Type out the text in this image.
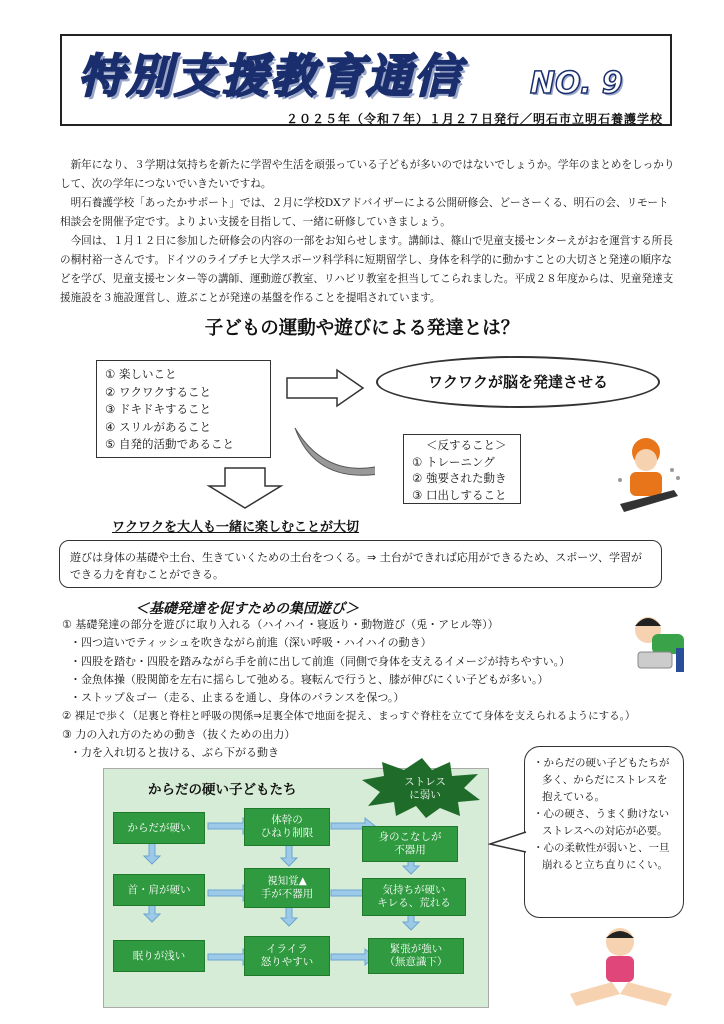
特別支援教育通信 NO. 9
２０２５年（令和７年）１月２７日発行／明石市立明石養護学校

新年になり、３学期は気持ちを新たに学習や生活を頑張っている子どもが多いのではないでしょうか。学年のまとめをしっかりして、次の学年につないでいきたいですね。

明石養護学校「あったかサポート」では、２月に学校DXアドバイザーによる公開研修会、どーさーくる、明石の会、リモート相談会を開催予定です。よりよい支援を目指して、一緒に研修していきましょう。

今回は、１月１２日に参加した研修会の内容の一部をお知らせします。講師は、篠山で児童支援センターえがおを運営する所長の桐村裕一さんです。ドイツのライプチヒ大学スポーツ科学科に短期留学し、身体を科学的に動かすことの大切さと発達の順序などを学び、児童支援センター等の講師、運動遊び教室、リハビリ教室を担当してこられました。平成２８年度からは、児童発達支援施設を３施設運営し、遊ぶことが発達の基盤を作ることを提唱されています。

子どもの運動や遊びによる発達とは？
① 楽しいこと
② ワクワクすること
③ ドキドキすること
④ スリルがあること
⑤ 自発的活動であること
ワクワクが脳を発達させる
＜反すること＞
① トレーニング
② 強要された動き
③ 口出しすること
ワクワクを大人も一緒に楽しむことが大切
遊びは身体の基礎や土台、生きていくための土台をつくる。⇒ 土台ができれば応用ができるため、スポーツ、学習ができる力を育むことができる。
＜基礎発達を促すための集団遊び＞
① 基礎発達の部分を遊びに取り入れる（ハイハイ・寝返り・動物遊び（兎・アヒル等））
・四つ這いでティッシュを吹きながら前進（深い呼吸・ハイハイの動き）
・四股を踏む・四股を踏みながら手を前に出して前進（同側で身体を支えるイメージが持ちやすい。）
・金魚体操（股関節を左右に揺らして弛める。寝転んで行うと、膝が伸びにくい子どもが多い。）
・ストップ＆ゴー（走る、止まるを通し、身体のバランスを保つ。）
② 裸足で歩く（足裏と脊柱と呼吸の関係⇒足裏全体で地面を捉え、まっすぐ脊柱を立てて身体を支えられるようにする。）
③ 力の入れ方のための動き（抜くための出力）
・力を入れ切ると抜ける、ぶら下がる動き
からだの硬い子どもたち	ストレス
に弱い
からだが硬い
体幹の
ひねり制限	身のこなしが
不器用
首・肩が硬い
視知覚▲
手が不器用	気持ちが硬い
キレる、荒れる
眠りが浅い
イライラ
怒りやすい
緊張が強い
（無意識下）
・からだの硬い子どもたちが多く、からだにストレスを抱えている。
・心の硬さ、うまく動けないストレスへの対応が必要。
・心の柔軟性が弱いと、一旦崩れると立ち直りにくい。
